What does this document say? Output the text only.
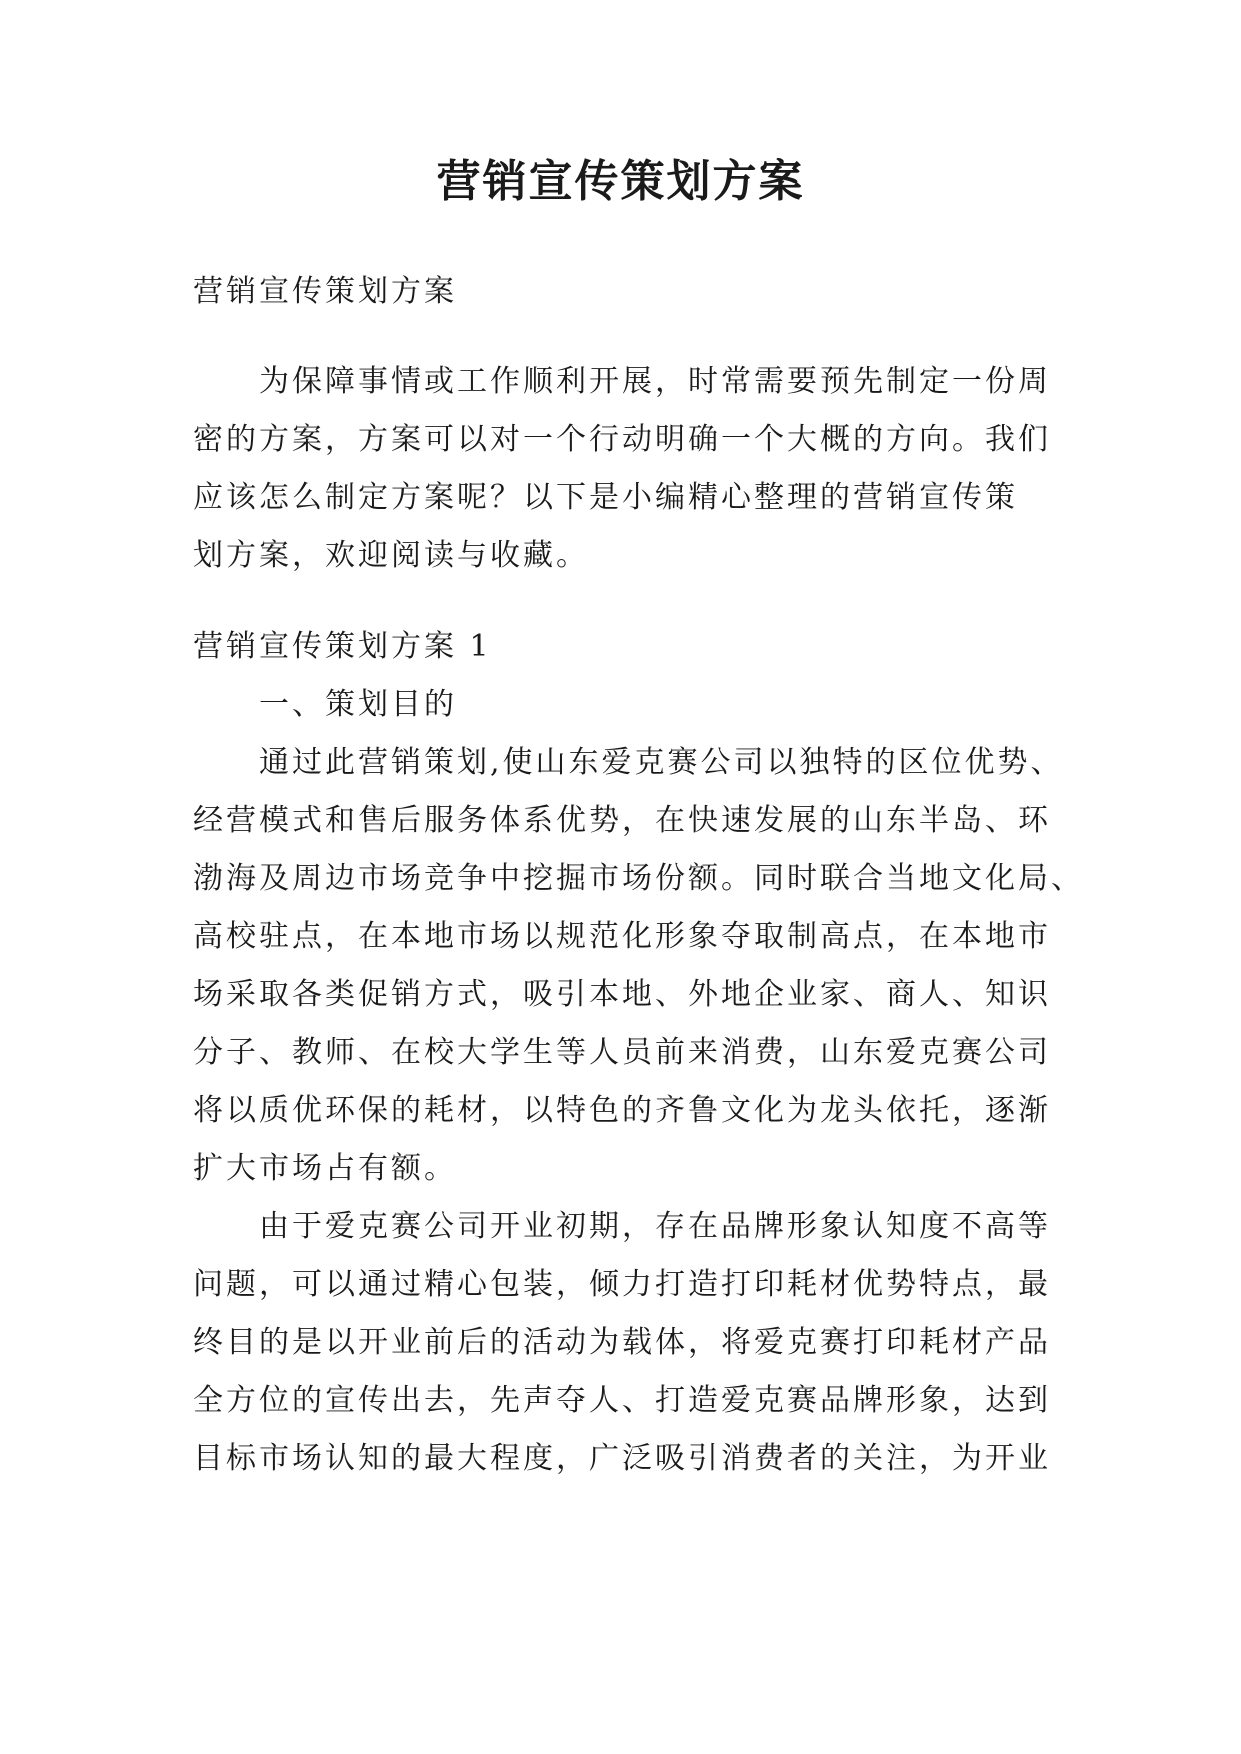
营销宣传策划方案

营销宣传策划方案

为保障事情或工作顺利开展，时常需要预先制定一份周
密的方案，方案可以对一个行动明确一个大概的方向。我们
应该怎么制定方案呢？以下是小编精心整理的营销宣传策
划方案，欢迎阅读与收藏。

营销宣传策划方案 1

一、策划目的

通过此营销策划,使山东爱克赛公司以独特的区位优势、
经营模式和售后服务体系优势，在快速发展的山东半岛、环
渤海及周边市场竞争中挖掘市场份额。同时联合当地文化局、
高校驻点，在本地市场以规范化形象夺取制高点，在本地市
场采取各类促销方式，吸引本地、外地企业家、商人、知识
分子、教师、在校大学生等人员前来消费，山东爱克赛公司
将以质优环保的耗材，以特色的齐鲁文化为龙头依托，逐渐
扩大市场占有额。
由于爱克赛公司开业初期，存在品牌形象认知度不高等
问题，可以通过精心包装，倾力打造打印耗材优势特点，最
终目的是以开业前后的活动为载体，将爱克赛打印耗材产品
全方位的宣传出去，先声夺人、打造爱克赛品牌形象，达到
目标市场认知的最大程度，广泛吸引消费者的关注，为开业
